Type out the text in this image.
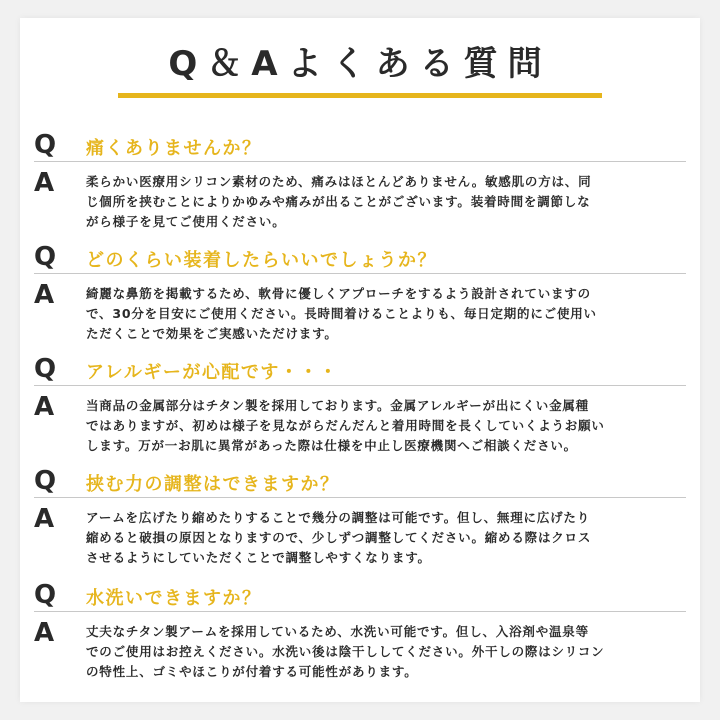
Q＆Aよくある質問
Q 痛くありませんか？
A	柔らかい医療用シリコン素材のため、痛みはほとんどありません。敏感肌の方は、同
じ個所を挟むことによりかゆみや痛みが出ることがございます。装着時間を調節しな
がら様子を見てご使用ください。
Q どのくらい装着したらいいでしょうか？
A	綺麗な鼻筋を掲載するため、軟骨に優しくアプローチをするよう設計されていますの
で、30分を目安にご使用ください。長時間着けることよりも、毎日定期的にご使用い
ただくことで効果をご実感いただけます。
Q アレルギーが心配です・・・
A	当商品の金属部分はチタン製を採用しております。金属アレルギーが出にくい金属種
ではありますが、初めは様子を見ながらだんだんと着用時間を長くしていくようお願い
します。万が一お肌に異常があった際は仕様を中止し医療機関へご相談ください。
Q 挟む力の調整はできますか？
A	アームを広げたり縮めたりすることで幾分の調整は可能です。但し、無理に広げたり
縮めると破損の原因となりますので、少しずつ調整してください。縮める際はクロス
させるようにしていただくことで調整しやすくなります。
Q 水洗いできますか？
A	丈夫なチタン製アームを採用しているため、水洗い可能です。但し、入浴剤や温泉等
でのご使用はお控えください。水洗い後は陰干ししてください。外干しの際はシリコン
の特性上、ゴミやほこりが付着する可能性があります。
